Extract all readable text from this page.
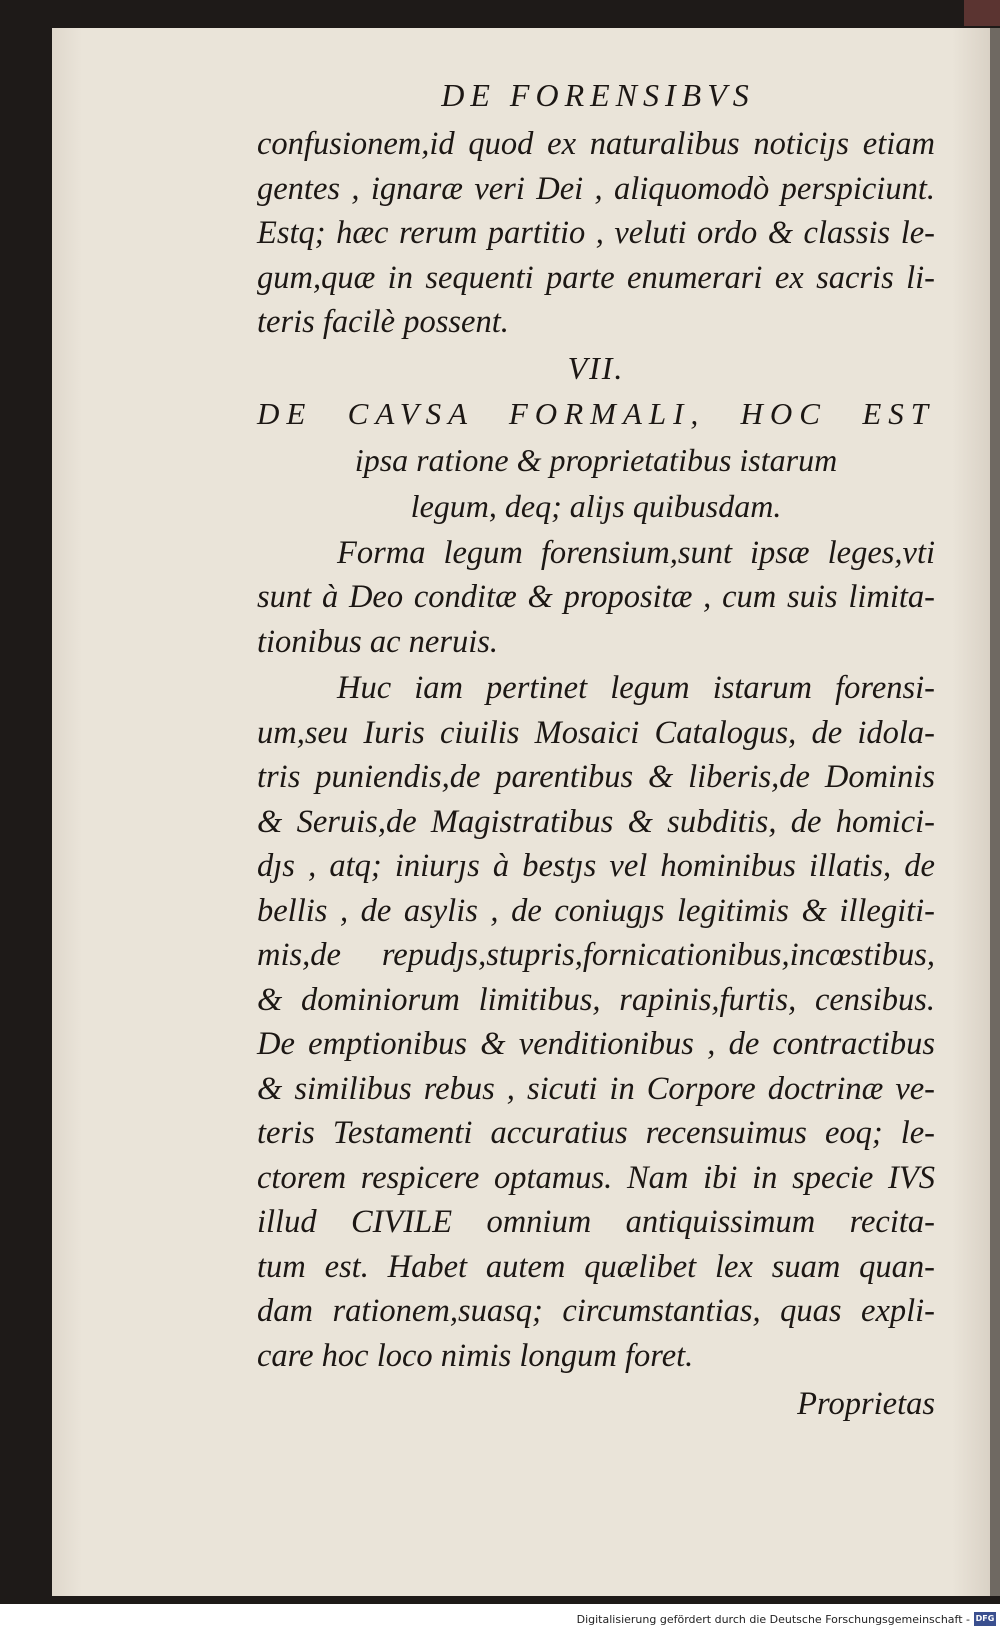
DE FORENSIBVS
confusionem,id quod ex naturalibus noticiȷs etiam
gentes , ignaræ veri Dei , aliquomodò perspiciunt.
Estq; hæc rerum partitio , veluti ordo & classis le-
gum,quæ in sequenti parte enumerari ex sacris li-
teris facilè possent.
VII.
DE CAVSA FORMALI, HOC EST
ipsa ratione & proprietatibus istarum
legum, deq; aliȷs quibusdam.
Forma legum forensium,sunt ipsæ leges,vti
sunt à Deo conditæ & propositæ , cum suis limita-
tionibus ac neruis.
Huc iam pertinet legum istarum forensi-
um,seu Iuris ciuilis Mosaici Catalogus, de idola-
tris puniendis,de parentibus & liberis,de Dominis
& Seruis,de Magistratibus & subditis, de homici-
dȷs , atq; iniurȷs à bestȷs vel hominibus illatis, de
bellis , de asylis , de coniugȷs legitimis & illegiti-
mis,de repudȷs,stupris,fornicationibus,incœstibus,
& dominiorum limitibus, rapinis,furtis, censibus.
De emptionibus & venditionibus , de contractibus
& similibus rebus , sicuti in Corpore doctrinæ ve-
teris Testamenti accuratius recensuimus eoq; le-
ctorem respicere optamus. Nam ibi in specie IVS
illud CIVILE omnium antiquissimum recita-
tum est. Habet autem quælibet lex suam quan-
dam rationem,suasq; circumstantias, quas expli-
care hoc loco nimis longum foret.
Proprietas
Digitalisierung gefördert durch die Deutsche Forschungsgemeinschaft - DFG
